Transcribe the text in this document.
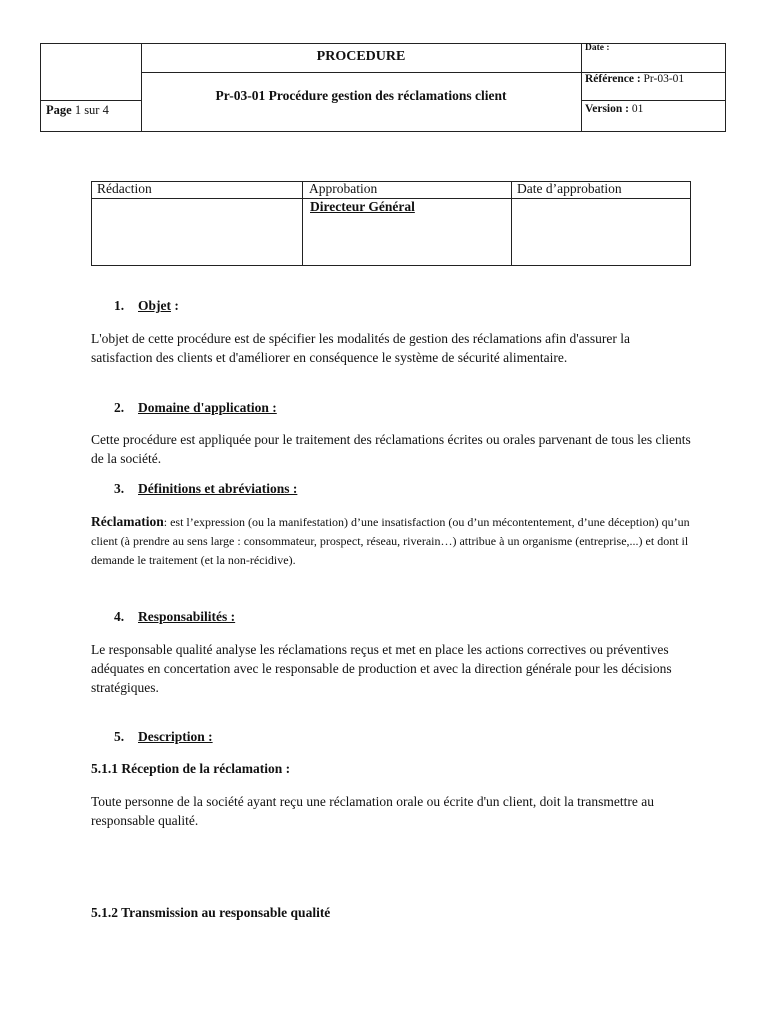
PROCEDURE
Pr-03-01 Procédure gestion des réclamations client
Page 1 sur 4
Date :
Référence : Pr-03-01
Version : 01
Rédaction	Approbation	Date d’approbation
Directeur Général
1. Objet :
L'objet de cette procédure est de spécifier les modalités de gestion des réclamations afin d'assurer la satisfaction des clients et d'améliorer en conséquence le système de sécurité alimentaire.
2. Domaine d'application :
Cette procédure est appliquée pour le traitement des réclamations écrites ou orales parvenant de tous les clients de la société.
3. Définitions et abréviations :
Réclamation: est l’expression (ou la manifestation) d’une insatisfaction (ou d’un mécontentement, d’une déception) qu’un client (à prendre au sens large : consommateur, prospect, réseau, riverain…) attribue à un organisme (entreprise,...) et dont il demande le traitement (et la non-récidive).
4. Responsabilités :
Le responsable qualité analyse les réclamations reçus et met en place les actions correctives ou préventives adéquates en concertation avec le responsable de production et avec la direction générale pour les décisions stratégiques.
5. Description :
5.1.1 Réception de la réclamation :
Toute personne de la société ayant reçu une réclamation orale ou écrite d'un client, doit la transmettre au responsable qualité.
5.1.2 Transmission au responsable qualité
